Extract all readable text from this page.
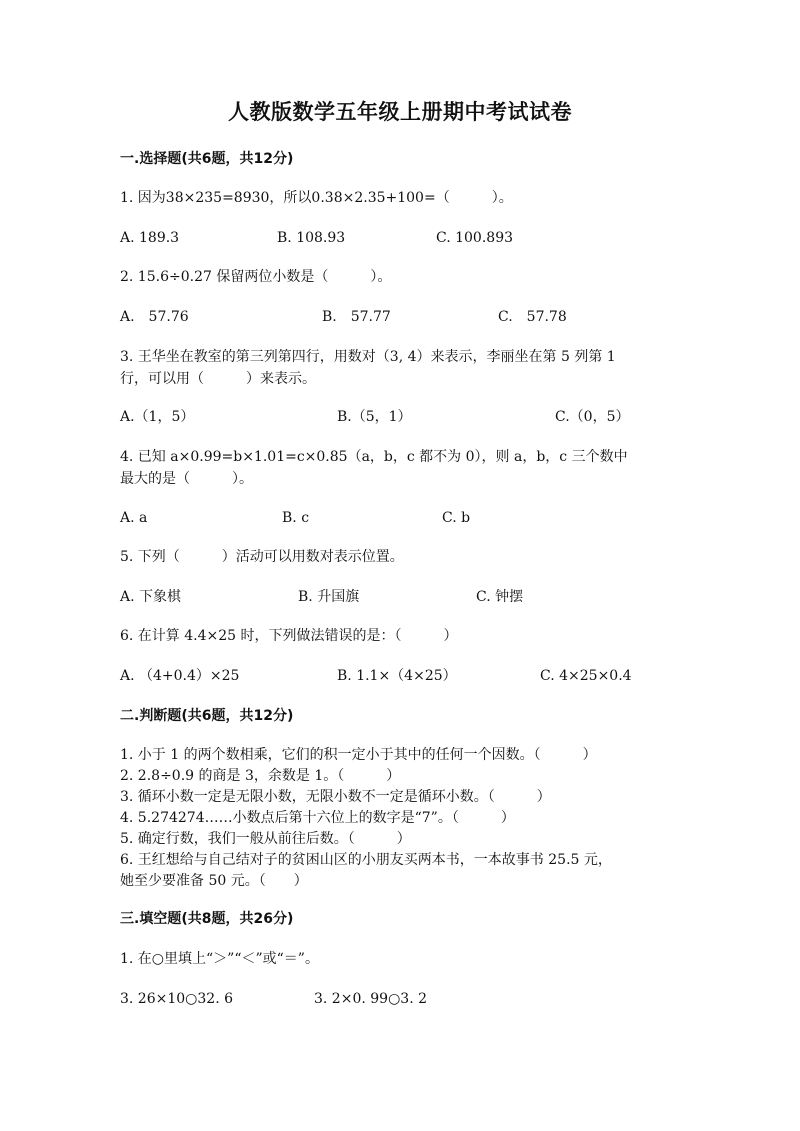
人教版数学五年级上册期中考试试卷
一.选择题(共6题，共12分)
1. 因为38×235=8930，所以0.38×2.35+100=（　　　）。
A. 189.3	B. 108.93	C. 100.893
2. 15.6÷0.27 保留两位小数是（　　　）。
A.　57.76	B.　57.77	C.　57.78
3. 王华坐在教室的第三列第四行，用数对（3, 4）来表示，李丽坐在第 5 列第 1
行，可以用（　　　）来表示。
A.（1，5）	B.（5，1）	C.（0，5）
4. 已知 a×0.99=b×1.01=c×0.85（a，b，c 都不为 0），则 a，b，c 三个数中
最大的是（　　　）。
A. a	B. c	C. b
5. 下列（　　　）活动可以用数对表示位置。
A. 下象棋	B. 升国旗	C. 钟摆
6. 在计算 4.4×25 时，下列做法错误的是：（　　　）
A. （4+0.4）×25	B. 1.1×（4×25）	C. 4×25×0.4
二.判断题(共6题，共12分)
1. 小于 1 的两个数相乘，它们的积一定小于其中的任何一个因数。（　　　）
2. 2.8÷0.9 的商是 3，余数是 1。（　　　）
3. 循环小数一定是无限小数，无限小数不一定是循环小数。（　　　）
4. 5.274274……小数点后第十六位上的数字是“7”。（　　　）
5. 确定行数，我们一般从前往后数。（　　　）
6. 王红想给与自己结对子的贫困山区的小朋友买两本书，一本故事书 25.5 元，
她至少要准备 50 元。（　　）
三.填空题(共8题，共26分)
1. 在○里填上“＞”“＜”或“＝”。
3. 26×10○32. 6	3. 2×0. 99○3. 2
